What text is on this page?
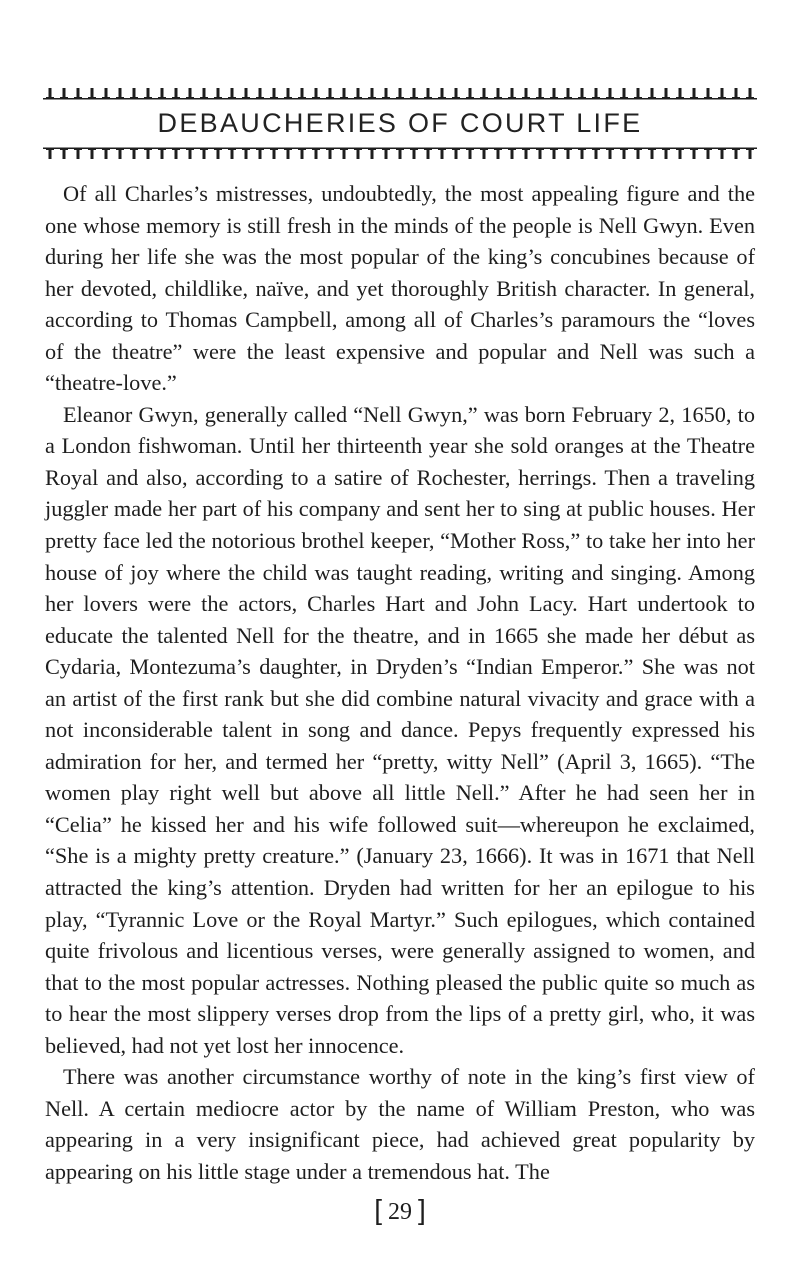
DEBAUCHERIES OF COURT LIFE

Of all Charles’s mistresses, undoubtedly, the most appealing figure and the one whose memory is still fresh in the minds of the people is Nell Gwyn. Even during her life she was the most popular of the king’s concubines because of her devoted, childlike, naïve, and yet thoroughly British character. In general, according to Thomas Campbell, among all of Charles’s paramours the “loves of the theatre” were the least expensive and popular and Nell was such a “theatre-love.”

Eleanor Gwyn, generally called “Nell Gwyn,” was born February 2, 1650, to a London fishwoman. Until her thirteenth year she sold oranges at the Theatre Royal and also, according to a satire of Rochester, herrings. Then a traveling juggler made her part of his company and sent her to sing at public houses. Her pretty face led the notorious brothel keeper, “Mother Ross,” to take her into her house of joy where the child was taught reading, writing and singing. Among her lovers were the actors, Charles Hart and John Lacy. Hart undertook to educate the talented Nell for the theatre, and in 1665 she made her début as Cydaria, Montezuma’s daughter, in Dryden’s “Indian Emperor.” She was not an artist of the first rank but she did combine natural vivacity and grace with a not inconsiderable talent in song and dance. Pepys frequently expressed his admiration for her, and termed her “pretty, witty Nell” (April 3, 1665). “The women play right well but above all little Nell.” After he had seen her in “Celia” he kissed her and his wife followed suit—whereupon he exclaimed, “She is a mighty pretty creature.” (January 23, 1666). It was in 1671 that Nell attracted the king’s attention. Dryden had written for her an epilogue to his play, “Tyrannic Love or the Royal Martyr.” Such epilogues, which contained quite frivolous and licentious verses, were generally assigned to women, and that to the most popular actresses. Nothing pleased the public quite so much as to hear the most slippery verses drop from the lips of a pretty girl, who, it was believed, had not yet lost her innocence.

There was another circumstance worthy of note in the king’s first view of Nell. A certain mediocre actor by the name of William Preston, who was appearing in a very insignificant piece, had achieved great popularity by appearing on his little stage under a tremendous hat. The

[ 29 ]
